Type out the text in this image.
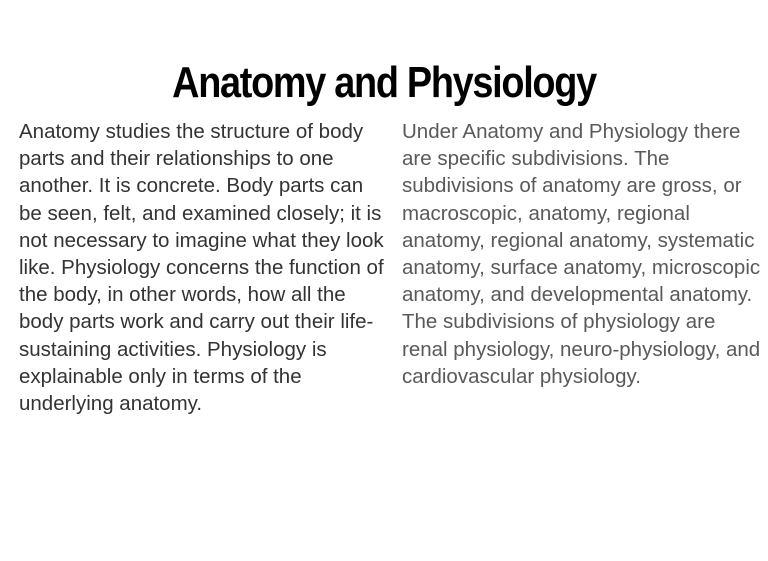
Anatomy and Physiology

Anatomy studies the structure of body parts and their relationships to one another. It is concrete. Body parts can be seen, felt, and examined closely; it is not necessary to imagine what they look like. Physiology concerns the function of the body, in other words, how all the body parts work and carry out their life-sustaining activities. Physiology is explainable only in terms of the underlying anatomy.

Under Anatomy and Physiology there are specific subdivisions. The subdivisions of anatomy are gross, or macroscopic, anatomy, regional anatomy, regional anatomy, systematic anatomy, surface anatomy, microscopic anatomy, and developmental anatomy. The subdivisions of physiology are renal physiology, neuro-physiology, and cardiovascular physiology.
